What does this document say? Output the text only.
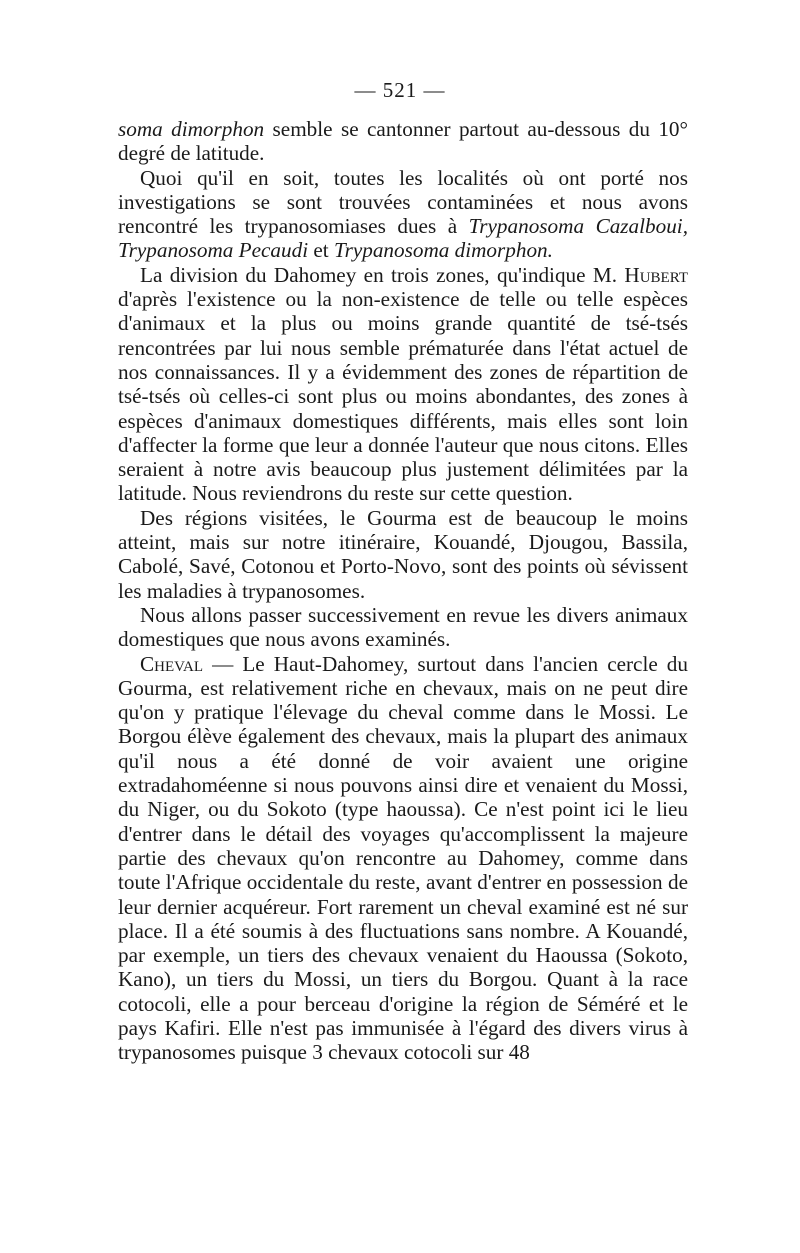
— 521 —

soma dimorphon semble se cantonner partout au-dessous du 10° degré de latitude.

Quoi qu'il en soit, toutes les localités où ont porté nos investigations se sont trouvées contaminées et nous avons rencontré les trypanosomiases dues à Trypanosoma Cazalboui, Trypanosoma Pecaudi et Trypanosoma dimorphon.

La division du Dahomey en trois zones, qu'indique M. Hubert d'après l'existence ou la non-existence de telle ou telle espèces d'animaux et la plus ou moins grande quantité de tsé-tsés rencontrées par lui nous semble prématurée dans l'état actuel de nos connaissances. Il y a évidemment des zones de répartition de tsé-tsés où celles-ci sont plus ou moins abondantes, des zones à espèces d'animaux domestiques différents, mais elles sont loin d'affecter la forme que leur a donnée l'auteur que nous citons. Elles seraient à notre avis beaucoup plus justement délimitées par la latitude. Nous reviendrons du reste sur cette question.

Des régions visitées, le Gourma est de beaucoup le moins atteint, mais sur notre itinéraire, Kouandé, Djougou, Bassila, Cabolé, Savé, Cotonou et Porto-Novo, sont des points où sévissent les maladies à trypanosomes.

Nous allons passer successivement en revue les divers animaux domestiques que nous avons examinés.

Cheval — Le Haut-Dahomey, surtout dans l'ancien cercle du Gourma, est relativement riche en chevaux, mais on ne peut dire qu'on y pratique l'élevage du cheval comme dans le Mossi. Le Borgou élève également des chevaux, mais la plupart des animaux qu'il nous a été donné de voir avaient une origine extradahoméenne si nous pouvons ainsi dire et venaient du Mossi, du Niger, ou du Sokoto (type haoussa). Ce n'est point ici le lieu d'entrer dans le détail des voyages qu'accomplissent la majeure partie des chevaux qu'on rencontre au Dahomey, comme dans toute l'Afrique occidentale du reste, avant d'entrer en possession de leur dernier acquéreur. Fort rarement un cheval examiné est né sur place. Il a été soumis à des fluctuations sans nombre. A Kouandé, par exemple, un tiers des chevaux venaient du Haoussa (Sokoto, Kano), un tiers du Mossi, un tiers du Borgou. Quant à la race cotocoli, elle a pour berceau d'origine la région de Séméré et le pays Kafiri. Elle n'est pas immunisée à l'égard des divers virus à trypanosomes puisque 3 chevaux cotocoli sur 48
